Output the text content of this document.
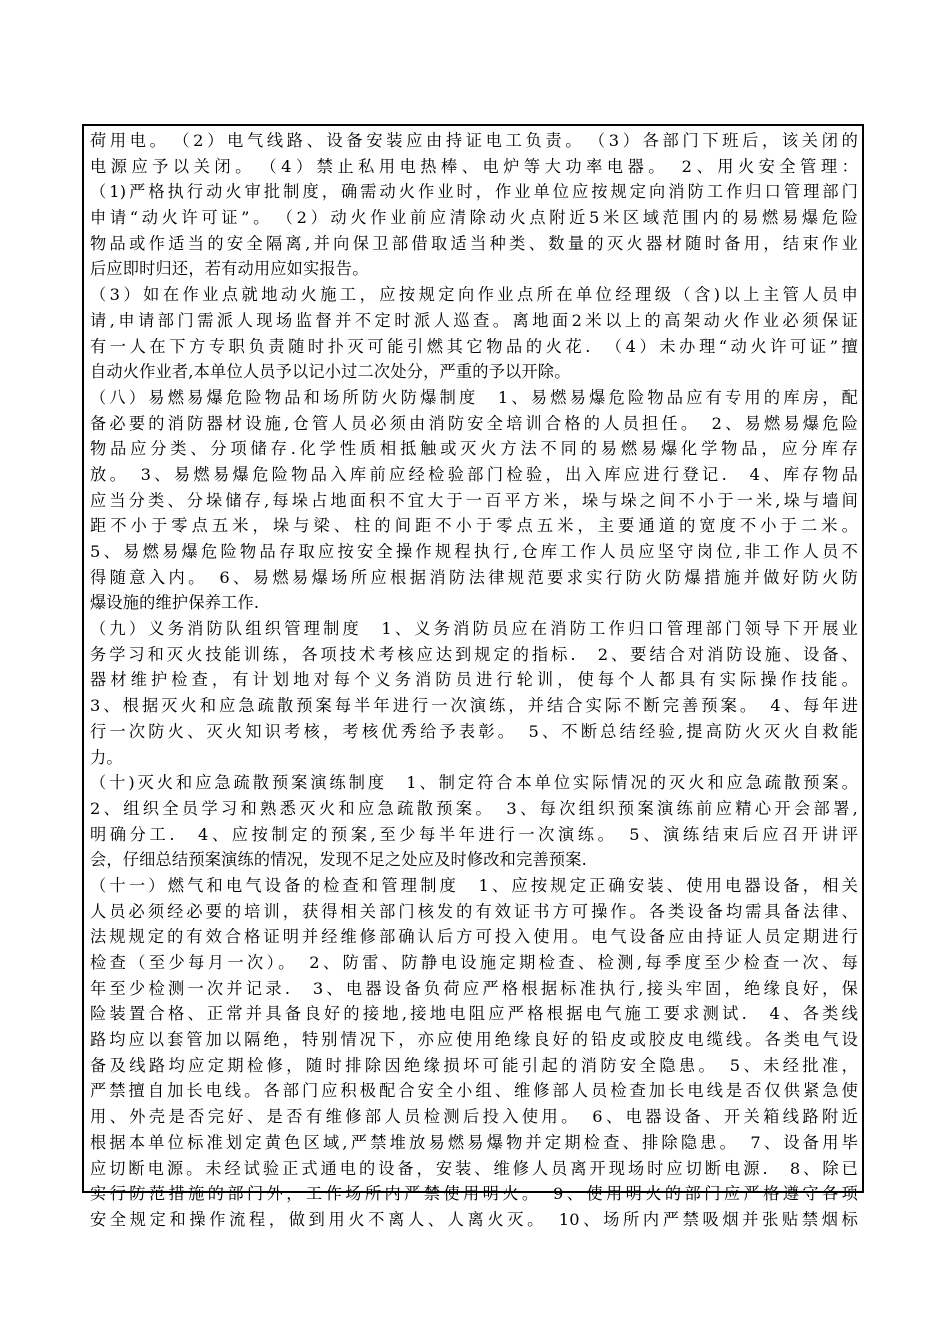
荷用电。　（2）电气线路、设备安装应由持证电工负责。　（3）各部门下班后，该关闭的
电源应予以关闭。　（4）禁止私用电热棒、电炉等大功率电器。　2、用火安全管理：
（1)严格执行动火审批制度，确需动火作业时，作业单位应按规定向消防工作归口管理部门
申请“动火许可证”。　（2）动火作业前应清除动火点附近5米区域范围内的易燃易爆危险
物品或作适当的安全隔离,并向保卫部借取适当种类、数量的灭火器材随时备用，结束作业
后应即时归还，若有动用应如实报告。
（3）如在作业点就地动火施工，应按规定向作业点所在单位经理级（含)以上主管人员申
请,申请部门需派人现场监督并不定时派人巡查。离地面2米以上的高架动火作业必须保证
有一人在下方专职负责随时扑灭可能引燃其它物品的火花.　（4）未办理“动火许可证”擅
自动火作业者,本单位人员予以记小过二次处分，严重的予以开除。
（八）易燃易爆危险物品和场所防火防爆制度　1、易燃易爆危险物品应有专用的库房，配
备必要的消防器材设施,仓管人员必须由消防安全培训合格的人员担任。　2、易燃易爆危险
物品应分类、分项储存.化学性质相抵触或灭火方法不同的易燃易爆化学物品，应分库存
放。　3、易燃易爆危险物品入库前应经检验部门检验，出入库应进行登记.　4、库存物品
应当分类、分垛储存,每垛占地面积不宜大于一百平方米，垛与垛之间不小于一米,垛与墙间
距不小于零点五米，垛与梁、柱的间距不小于零点五米，主要通道的宽度不小于二米。
5、易燃易爆危险物品存取应按安全操作规程执行,仓库工作人员应坚守岗位,非工作人员不
得随意入内。　6、易燃易爆场所应根据消防法律规范要求实行防火防爆措施并做好防火防
爆设施的维护保养工作.
（九）义务消防队组织管理制度　1、义务消防员应在消防工作归口管理部门领导下开展业
务学习和灭火技能训练，各项技术考核应达到规定的指标.　2、要结合对消防设施、设备、
器材维护检查，有计划地对每个义务消防员进行轮训，使每个人都具有实际操作技能。
3、根据灭火和应急疏散预案每半年进行一次演练，并结合实际不断完善预案。　4、每年进
行一次防火、灭火知识考核，考核优秀给予表彰。　5、不断总结经验,提高防火灭火自救能
力。
（十)灭火和应急疏散预案演练制度　1、制定符合本单位实际情况的灭火和应急疏散预案。
2、组织全员学习和熟悉灭火和应急疏散预案。　3、每次组织预案演练前应精心开会部署,
明确分工.　4、应按制定的预案,至少每半年进行一次演练。　5、演练结束后应召开讲评
会，仔细总结预案演练的情况，发现不足之处应及时修改和完善预案.
（十一）燃气和电气设备的检查和管理制度　1、应按规定正确安装、使用电器设备，相关
人员必须经必要的培训，获得相关部门核发的有效证书方可操作。各类设备均需具备法律、
法规规定的有效合格证明并经维修部确认后方可投入使用。电气设备应由持证人员定期进行
检查（至少每月一次）。　2、防雷、防静电设施定期检查、检测,每季度至少检查一次、每
年至少检测一次并记录.　3、电器设备负荷应严格根据标准执行,接头牢固，绝缘良好，保
险装置合格、正常并具备良好的接地,接地电阻应严格根据电气施工要求测试.　4、各类线
路均应以套管加以隔绝，特别情况下，亦应使用绝缘良好的铅皮或胶皮电缆线。各类电气设
备及线路均应定期检修，随时排除因绝缘损坏可能引起的消防安全隐患。　5、未经批准，
严禁擅自加长电线。各部门应积极配合安全小组、维修部人员检查加长电线是否仅供紧急使
用、外壳是否完好、是否有维修部人员检测后投入使用。　6、电器设备、开关箱线路附近
根据本单位标准划定黄色区域,严禁堆放易燃易爆物并定期检查、排除隐患。　7、设备用毕
应切断电源。未经试验正式通电的设备，安装、维修人员离开现场时应切断电源.　8、除已
实行防范措施的部门外，工作场所内严禁使用明火。　9、使用明火的部门应严格遵守各项
安全规定和操作流程，做到用火不离人、人离火灭。　10、场所内严禁吸烟并张贴禁烟标
